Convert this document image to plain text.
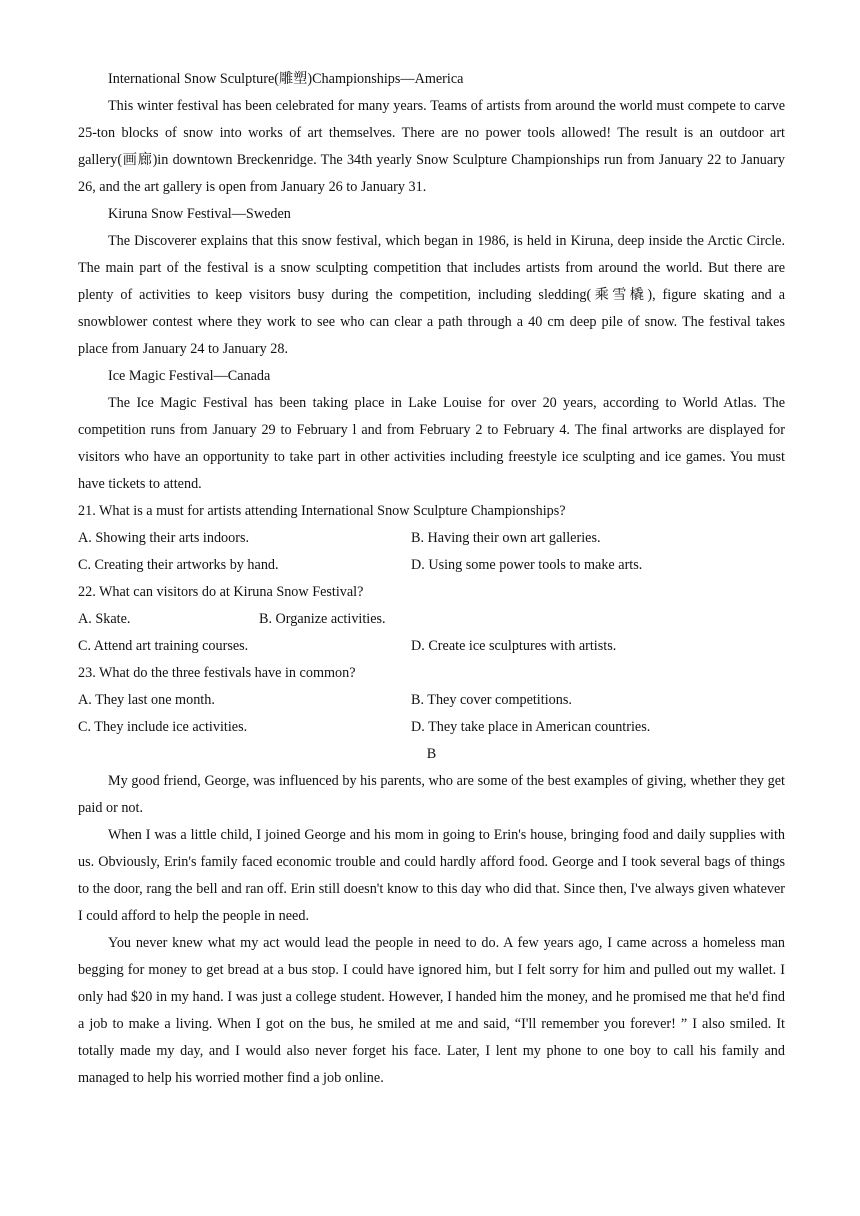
International Snow Sculpture(雕塑)Championships—America

This winter festival has been celebrated for many years. Teams of artists from around the world must compete to carve 25-ton blocks of snow into works of art themselves. There are no power tools allowed! The result is an outdoor art gallery(画廊)in downtown Breckenridge. The 34th yearly Snow Sculpture Championships run from January 22 to January 26, and the art gallery is open from January 26 to January 31.

Kiruna Snow Festival—Sweden

The Discoverer explains that this snow festival, which began in 1986, is held in Kiruna, deep inside the Arctic Circle. The main part of the festival is a snow sculpting competition that includes artists from around the world. But there are plenty of activities to keep visitors busy during the competition, including sledding(乘雪橇), figure skating and a snowblower contest where they work to see who can clear a path through a 40 cm deep pile of snow. The festival takes place from January 24 to January 28.

Ice Magic Festival—Canada

The Ice Magic Festival has been taking place in Lake Louise for over 20 years, according to World Atlas. The competition runs from January 29 to February l and from February 2 to February 4. The final artworks are displayed for visitors who have an opportunity to take part in other activities including freestyle ice sculpting and ice games. You must have tickets to attend.

21. What is a must for artists attending International Snow Sculpture Championships?

A. Showing their arts indoors.	B. Having their own art galleries.
C. Creating their artworks by hand.	D. Using some power tools to make arts.

22. What can visitors do at Kiruna Snow Festival?

A. Skate.	B. Organize activities.
C. Attend art training courses.	D. Create ice sculptures with artists.

23. What do the three festivals have in common?

A. They last one month.	B. They cover competitions.
C. They include ice activities.	D. They take place in American countries.

B

My good friend, George, was influenced by his parents, who are some of the best examples of giving, whether they get paid or not.

When I was a little child, I joined George and his mom in going to Erin's house, bringing food and daily supplies with us. Obviously, Erin's family faced economic trouble and could hardly afford food. George and I took several bags of things to the door, rang the bell and ran off. Erin still doesn't know to this day who did that. Since then, I've always given whatever I could afford to help the people in need.

You never knew what my act would lead the people in need to do. A few years ago, I came across a homeless man begging for money to get bread at a bus stop. I could have ignored him, but I felt sorry for him and pulled out my wallet. I only had $20 in my hand. I was just a college student. However, I handed him the money, and he promised me that he'd find a job to make a living. When I got on the bus, he smiled at me and said, “I'll remember you forever! ” I also smiled. It totally made my day, and I would also never forget his face. Later, I lent my phone to one boy to call his family and managed to help his worried mother find a job online.
